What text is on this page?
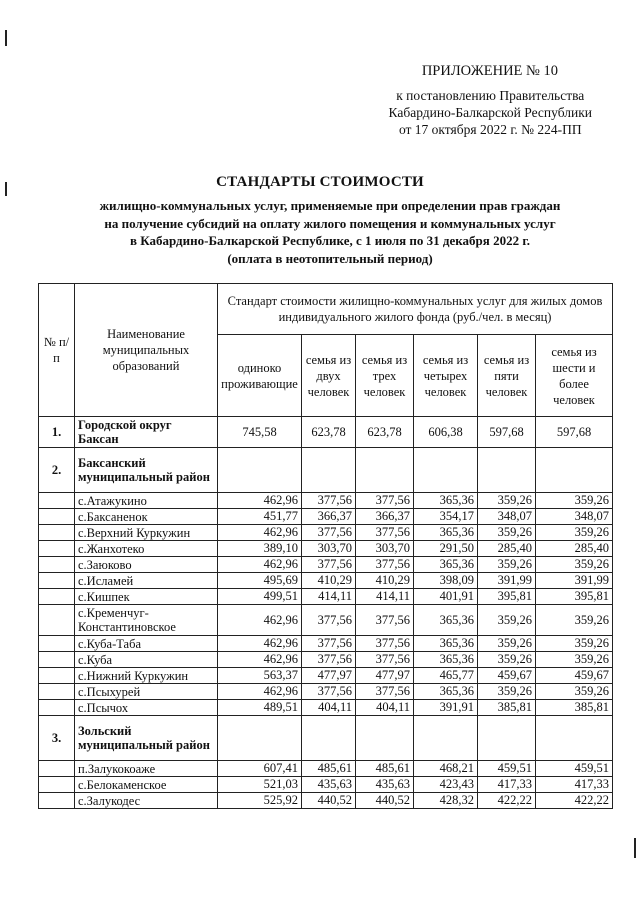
ПРИЛОЖЕНИЕ № 10
к постановлению Правительства
Кабардино-Балкарской Республики
от 17 октября 2022 г. № 224-ПП
СТАНДАРТЫ СТОИМОСТИ
жилищно-коммунальных услуг, применяемые при определении прав граждан
на получение субсидий на оплату жилого помещения и коммунальных услуг
в Кабардино-Балкарской Республике, с 1 июля по 31 декабря 2022 г.
(оплата в неотопительный период)
№ п/п	Наименование муниципальных образований	Стандарт стоимости жилищно-коммунальных услуг для жилых домов индивидуального жилого фонда (руб./чел. в месяц)					
		одиноко проживающие	семья из двух человек	семья из трех человек	семья из четырех человек	семья из пяти человек	семья из шести и более человек
1.	Городской округ Баксан	745,58	623,78	623,78	606,38	597,68	597,68
2.	Баксанский муниципальный район						
	с.Атажукино	462,96	377,56	377,56	365,36	359,26	359,26
	с.Баксаненок	451,77	366,37	366,37	354,17	348,07	348,07
	с.Верхний Куркужин	462,96	377,56	377,56	365,36	359,26	359,26
	с.Жанхотеко	389,10	303,70	303,70	291,50	285,40	285,40
	с.Заюково	462,96	377,56	377,56	365,36	359,26	359,26
	с.Исламей	495,69	410,29	410,29	398,09	391,99	391,99
	с.Кишпек	499,51	414,11	414,11	401,91	395,81	395,81
	с.Кременчуг-Константиновское	462,96	377,56	377,56	365,36	359,26	359,26
	с.Куба-Таба	462,96	377,56	377,56	365,36	359,26	359,26
	с.Куба	462,96	377,56	377,56	365,36	359,26	359,26
	с.Нижний Куркужин	563,37	477,97	477,97	465,77	459,67	459,67
	с.Псыхурей	462,96	377,56	377,56	365,36	359,26	359,26
	с.Псычох	489,51	404,11	404,11	391,91	385,81	385,81
3.	Зольский муниципальный район						
	п.Залукокоаже	607,41	485,61	485,61	468,21	459,51	459,51
	с.Белокаменское	521,03	435,63	435,63	423,43	417,33	417,33
	с.Залукодес	525,92	440,52	440,52	428,32	422,22	422,22
